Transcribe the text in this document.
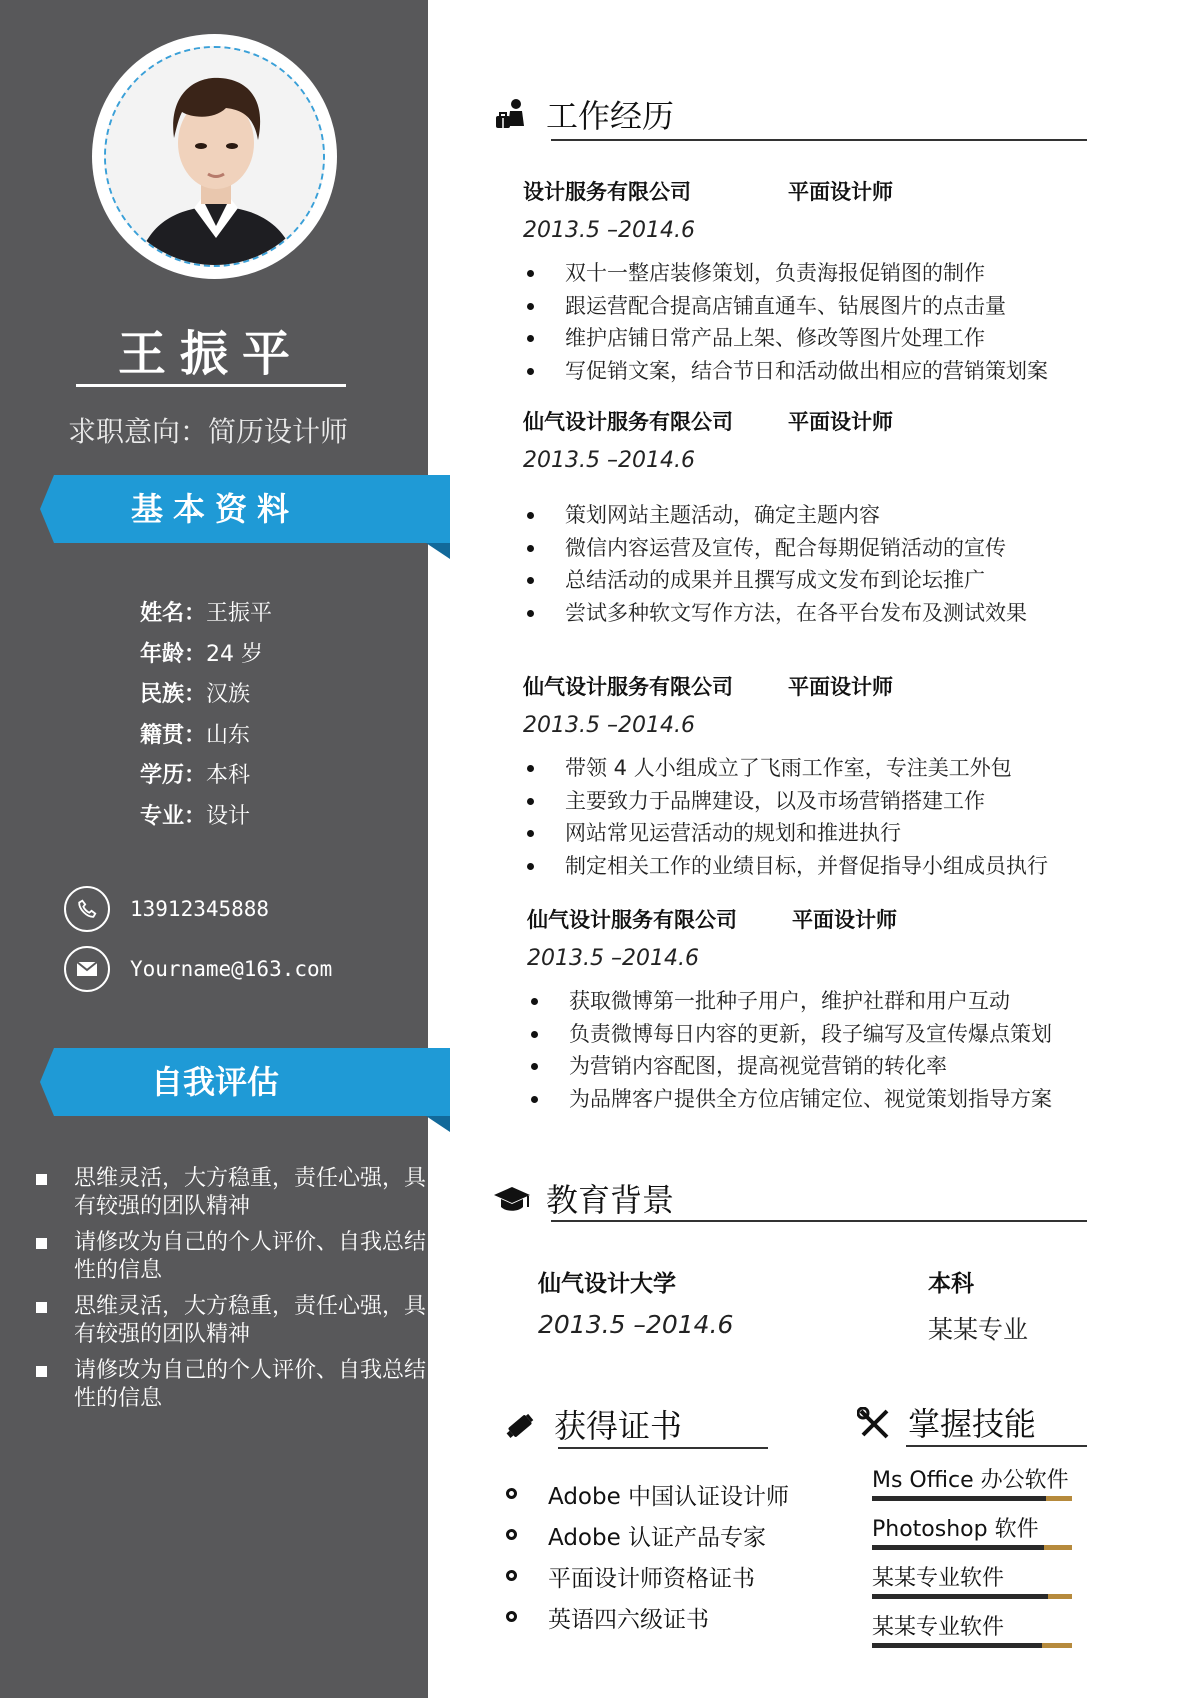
王振平
求职意向：简历设计师
基本资料
姓名：王振平
年龄：24 岁
民族：汉族
籍贯：山东
学历：本科
专业：设计
13912345888
Yourname@163.com
自我评估
思维灵活，大方稳重，责任心强，具有较强的团队精神
请修改为自己的个人评价、自我总结性的信息
思维灵活，大方稳重，责任心强，具有较强的团队精神
请修改为自己的个人评价、自我总结性的信息
工作经历
设计服务有限公司	平面设计师
2013.5 –2014.6
双十一整店装修策划，负责海报促销图的制作
跟运营配合提高店铺直通车、钻展图片的点击量
维护店铺日常产品上架、修改等图片处理工作
写促销文案，结合节日和活动做出相应的营销策划案
仙气设计服务有限公司	平面设计师
2013.5 –2014.6
策划网站主题活动，确定主题内容
微信内容运营及宣传，配合每期促销活动的宣传
总结活动的成果并且撰写成文发布到论坛推广
尝试多种软文写作方法，在各平台发布及测试效果
仙气设计服务有限公司	平面设计师
2013.5 –2014.6
带领 4 人小组成立了飞雨工作室，专注美工外包
主要致力于品牌建设，以及市场营销搭建工作
网站常见运营活动的规划和推进执行
制定相关工作的业绩目标，并督促指导小组成员执行
仙气设计服务有限公司	平面设计师
2013.5 –2014.6
获取微博第一批种子用户，维护社群和用户互动
负责微博每日内容的更新，段子编写及宣传爆点策划
为营销内容配图，提高视觉营销的转化率
为品牌客户提供全方位店铺定位、视觉策划指导方案
教育背景
仙气设计大学	本科
2013.5 –2014.6	某某专业
获得证书
Adobe 中国认证设计师
Adobe 认证产品专家
平面设计师资格证书
英语四六级证书
掌握技能
Ms Office 办公软件
Photoshop 软件
某某专业软件
某某专业软件
